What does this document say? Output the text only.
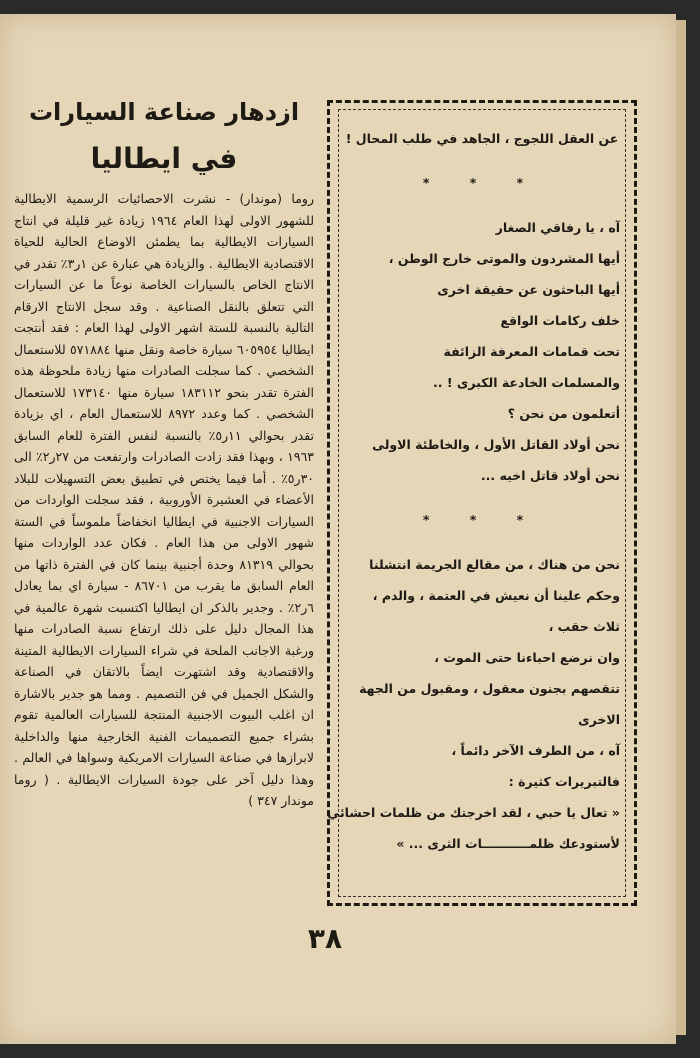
ازدهار صناعة السيارات
في ايطاليا

روما (موندار) - نشرت الاحصائيات الرسمية الايطالية للشهور الاولى لهذا العام ١٩٦٤ زيادة غير قليلة في انتاج السيارات الايطالية بما يطمئن الاوضاع الحالية للحياة الاقتصادية الايطالية . والزيادة هي عبارة عن ١ر٣٪ تقدر في الانتاج الخاص بالسيارات الخاصة نوعاً ما عن السيارات التي تتعلق بالنقل الصناعية . وقد سجل الانتاج الارقام التالية بالنسبة للستة اشهر الاولى لهذا العام : فقد أنتجت ايطاليا ٦٠٥٩٥٤ سيارة خاصة ونقل منها ٥٧١٨٨٤ للاستعمال الشخصي . كما سجلت الصادرات منها زيادة ملحوظة هذه الفترة تقدر بنحو ١٨٣١١٢ سيارة منها ١٧٣١٤٠ للاستعمال الشخصي . كما وعدد ٨٩٧٢ للاستعمال العام ، اي بزيادة تقدر بحوالي ١١ر٥٪ بالنسبة لنفس الفترة للعام السابق ١٩٦٣ ، وبهذا فقد زادت الصادرات وارتفعت من ٢٧ر٢٪ الى ٣٠ر٥٪ . أما فيما يختص في تطبيق بعض التسهيلات للبلاد الأعضاء في العشيرة الأوروبية ، فقد سجلت الواردات من السيارات الاجنبية في ايطاليا انخفاضاً ملموساً في الستة شهور الاولى من هذا العام . فكان عدد الواردات منها بحوالي ٨١٣١٩ وحدة أجنبية بينما كان في الفترة ذاتها من العام السابق ما يقرب من ٨٦٧٠١ - سيارة اي بما يعادل ٦ر٢٪ . وجدير بالذكر ان ايطاليا اكتسبت شهرة عالمية في هذا المجال دليل على ذلك ارتفاع نسبة الصادرات منها ورغبة الاجانب الملحة في شراء السيارات الايطالية المتينة والاقتصادية وقد اشتهرت ايضاً بالاتقان في الصناعة والشكل الجميل في فن التصميم . ومما هو جدير بالاشارة ان اغلب البيوت الاجنبية المنتجة للسيارات العالمية تقوم بشراء جميع التصميمات الفنية الخارجية منها والداخلية لابرازها في صناعة السيارات الامريكية وسواها في العالم . وهذا دليل آخر على جودة السيارات الايطالية . ( روما موندار ٣٤٧ )

عن العقل اللجوج ، الجاهد في طلب المحال !
* * *
آه ، يا رفاقي الصغار
أيها المشردون والموتى خارج الوطن ،
أيها الباحثون عن حقيقة اخرى
خلف ركامات الواقع
تحت قمامات المعرفة الزائفة
والمسلمات الخادعة الكبرى ! ..
أتعلمون من نحن ؟
نحن أولاد القاتل الأول ، والخاطئة الاولى
نحن أولاد قاتل اخيه ...
* * *
نحن من هناك ، من مقالع الجريمة انتشلنا
وحكم علينا أن نعيش في العتمة ، والدم ،
ثلاث حقب ،
وان نرضع احباءنا حتى الموت ،
تتقصهم بجنون معقول ، ومقبول من الجهة
الاخرى
آه ، من الطرف الآخر دائماً ،
فالتبريرات كثيرة :
« تعال يا حبي ، لقد اخرجتك من ظلمات احشائي
لأستودعك ظلمـــــــــــات الثرى ... »
٣٨
